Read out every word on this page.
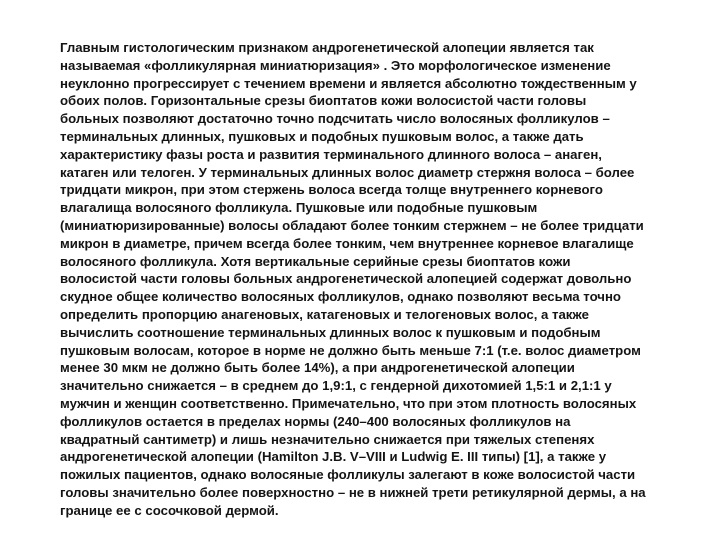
Главным гистологическим признаком андрогенетической алопеции является так
называемая «фолликулярная миниатюризация» . Это морфологическое изменение
неуклонно прогрессирует с течением времени и является абсолютно тождественным у
обоих полов. Горизонтальные срезы биоптатов кожи волосистой части головы
больных позволяют достаточно точно подсчитать число волосяных фолликулов –
терминальных длинных, пушковых и подобных пушковым волос, а также дать
характеристику фазы роста и развития терминального длинного волоса – анаген,
катаген или телоген. У терминальных длинных волос диаметр стержня волоса – более
тридцати микрон, при этом стержень волоса всегда толще внутреннего корневого
влагалища волосяного фолликула. Пушковые или подобные пушковым
(миниатюризированные) волосы обладают более тонким стержнем – не более тридцати
микрон в диаметре, причем всегда более тонким, чем внутреннее корневое влагалище
волосяного фолликула. Хотя вертикальные серийные срезы биоптатов кожи
волосистой части головы больных андрогенетической алопецией содержат довольно
скудное общее количество волосяных фолликулов, однако позволяют весьма точно
определить пропорцию анагеновых, катагеновых и телогеновых волос, а также
вычислить соотношение терминальных длинных волос к пушковым и подобным
пушковым волосам, которое в норме не должно быть меньше 7:1 (т.е. волос диаметром
менее 30 мкм не должно быть более 14%), а при андрогенетической алопеции
значительно снижается – в среднем до 1,9:1, с гендерной дихотомией 1,5:1 и 2,1:1 у
мужчин и женщин соответственно. Примечательно, что при этом плотность волосяных
фолликулов остается в пределах нормы (240–400 волосяных фолликулов на
квадратный сантиметр) и лишь незначительно снижается при тяжелых степенях
андрогенетической алопеции (Hamilton J.B. V–VIII и Ludwig E. III типы) [1], а также у
пожилых пациентов, однако волосяные фолликулы залегают в коже волосистой части
головы значительно более поверхностно – не в нижней трети ретикулярной дермы, а на
границе ее с сосочковой дермой.
